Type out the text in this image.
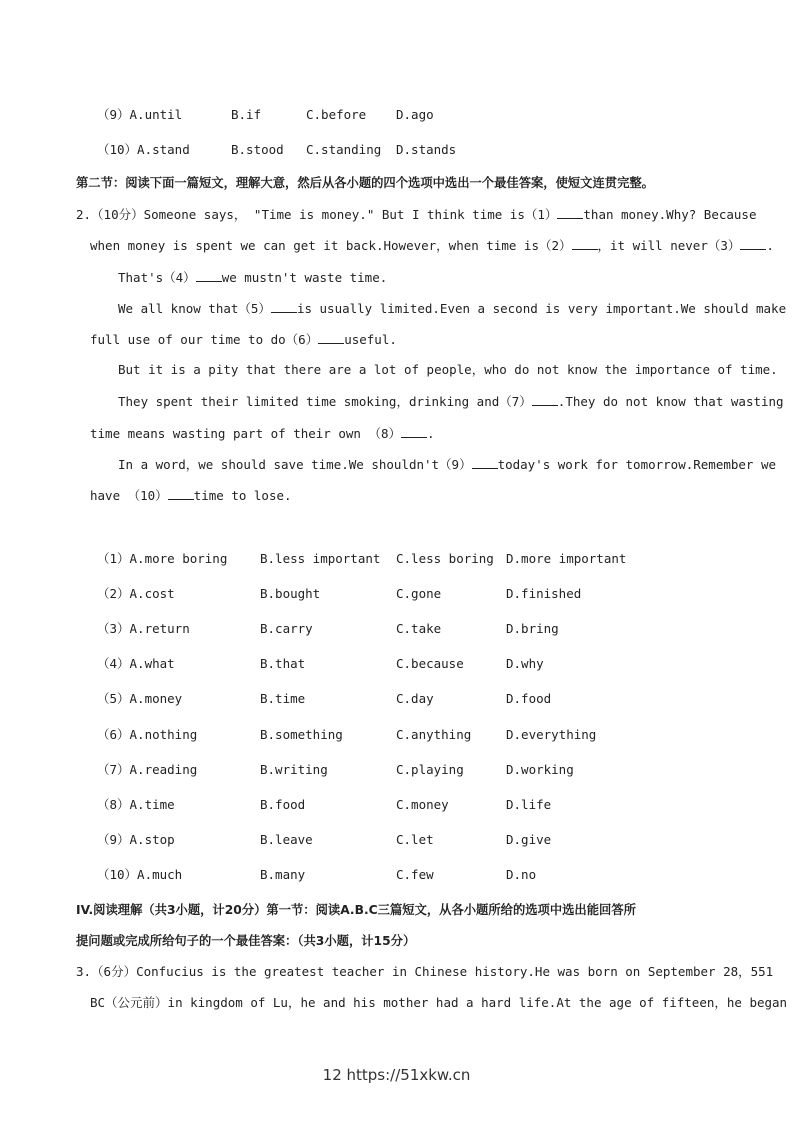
（9）A.until	B.if	C.before D.ago
（10）A.stand	B.stood C.standing D.stands
第二节：阅读下面一篇短文，理解大意，然后从各小题的四个选项中选出一个最佳答案，使短文连贯完整。
2.（10分）Someone says， "Time is money." But I think time is（1） than money.Why? Because
when money is spent we can get it back.However，when time is（2） ，it will never（3） .
That's（4） we mustn't waste time.
We all know that（5） is usually limited.Even a second is very important.We should make
full use of our time to do（6） useful.
But it is a pity that there are a lot of people，who do not know the importance of time.
They spent their limited time smoking，drinking and（7） .They do not know that wasting
time means wasting part of their own （8） .
In a word，we should save time.We shouldn't（9） today's work for tomorrow.Remember we
have （10） time to lose.
（1）A.more boring	B.less important C.less boring D.more important
（2）A.cost	B.bought	C.gone	D.finished
（3）A.return	B.carry	C.take	D.bring
（4）A.what	B.that	C.because	D.why
（5）A.money	B.time	C.day	D.food
（6）A.nothing	B.something	C.anything	D.everything
（7）A.reading	B.writing	C.playing	D.working
（8）A.time	B.food	C.money	D.life
（9）A.stop	B.leave	C.let	D.give
（10）A.much	B.many	C.few	D.no
IV.阅读理解（共3小题，计20分）第一节：阅读A.B.C三篇短文，从各小题所给的选项中选出能回答所
提问题或完成所给句子的一个最佳答案：（共3小题，计15分）
3.（6分）Confucius is the greatest teacher in Chinese history.He was born on September 28，551
BC（公元前）in kingdom of Lu，he and his mother had a hard life.At the age of fifteen，he began
12 https://51xkw.cn
